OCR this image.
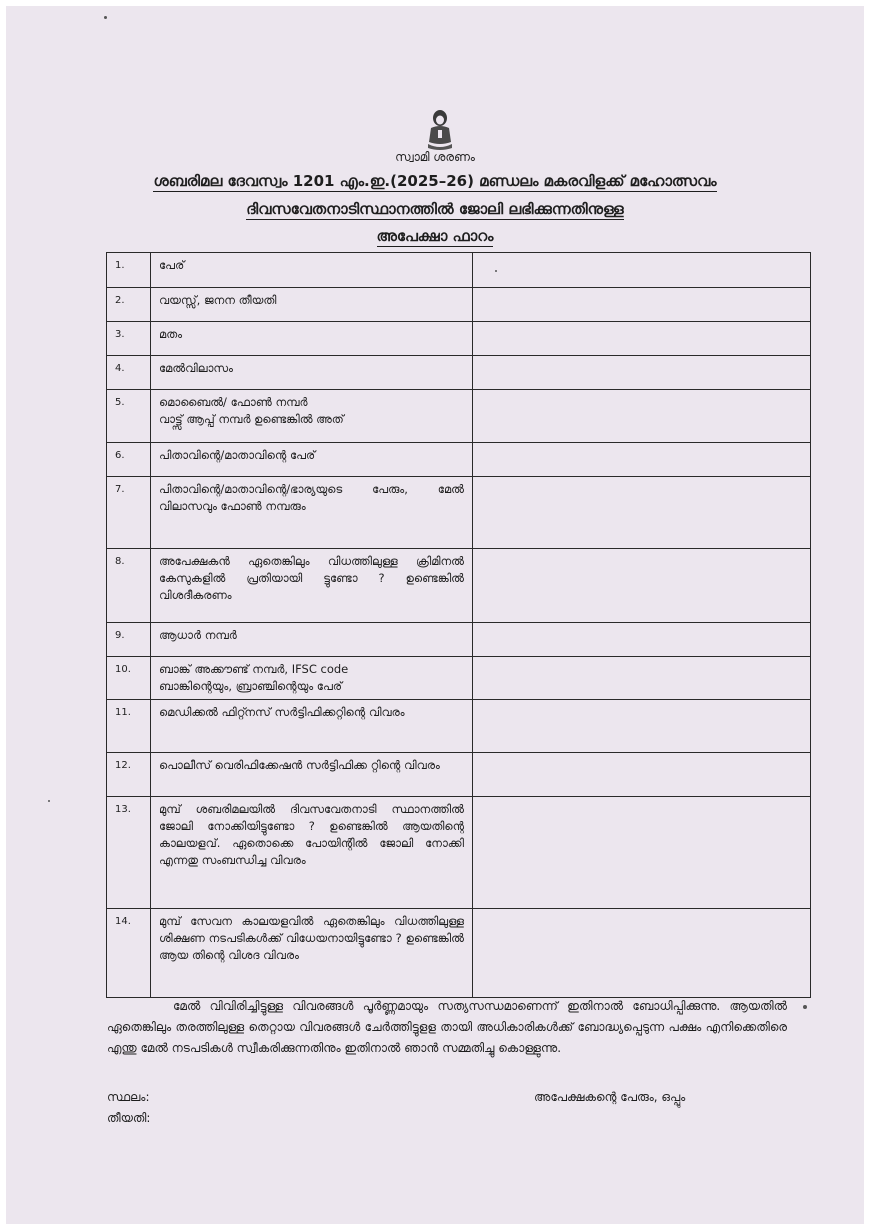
സ്വാമി ശരണം
ശബരിമല ദേവസ്വം 1201 എം.ഇ.(2025–26) മണ്ഡലം മകരവിളക്ക് മഹോത്സവം
ദിവസവേതനാടിസ്ഥാനത്തിൽ ജോലി ലഭിക്കുന്നതിനുള്ള
അപേക്ഷാ ഫാറം
1.	പേര്	
2.	വയസ്സ്, ജനന തീയതി	
3.	മതം	
4.	മേൽവിലാസം	
5.	മൊബൈൽ/ ഫോൺ നമ്പർ
വാട്ട്സ് ആപ്പ് നമ്പർ ഉണ്ടെങ്കിൽ അത്	
6.	പിതാവിന്റെ/മാതാവിന്റെ പേര്	
7.	പിതാവിന്റെ/മാതാവിന്റെ/ഭാര്യയുടെ പേരും, മേൽ വിലാസവും ഫോൺ നമ്പരും	
8.	അപേക്ഷകൻ ഏതെങ്കിലും വിധത്തിലുള്ള ക്രിമിനൽ കേസുകളിൽ പ്രതിയായി ട്ടുണ്ടോ ? ഉണ്ടെങ്കിൽ വിശദീകരണം	
9.	ആധാർ നമ്പർ	
10.	ബാങ്ക് അക്കൗണ്ട് നമ്പർ, IFSC code
ബാങ്കിന്റെയും, ബ്രാഞ്ചിന്റെയും പേര്	
11.	മെഡിക്കൽ ഫിറ്റ്നസ് സർട്ടിഫിക്കറ്റിന്റെ വിവരം	
12.	പൊലീസ് വെരിഫിക്കേഷൻ സർട്ടിഫിക്ക റ്റിന്റെ വിവരം	
13.	മുമ്പ് ശബരിമലയിൽ ദിവസവേതനാടി സ്ഥാനത്തിൽ ജോലി നോക്കിയിട്ടുണ്ടോ ? ഉണ്ടെങ്കിൽ ആയതിന്റെ കാലയളവ്. ഏതൊക്കെ പോയിന്റിൽ ജോലി നോക്കി എന്നതു സംബന്ധിച്ച വിവരം	
14.	മുമ്പ് സേവന കാലയളവിൽ ഏതെങ്കിലും വിധത്തിലുള്ള ശിക്ഷണ നടപടികൾക്ക് വിധേയനായിട്ടുണ്ടോ ? ഉണ്ടെങ്കിൽ ആയ തിന്റെ വിശദ വിവരം	
മേൽ വിവിരിച്ചിട്ടുള്ള വിവരങ്ങൾ പൂർണ്ണമായും സത്യസന്ധമാണെന്ന് ഇതിനാൽ ബോധിപ്പിക്കുന്നു. ആയതിൽ ഏതെങ്കിലും തരത്തിലുള്ള തെറ്റായ വിവരങ്ങൾ ചേർത്തിട്ടുളള തായി അധികാരികൾക്ക് ബോദ്ധ്യപ്പെടുന്ന പക്ഷം എനിക്കെതിരെ എന്തു മേൽ നടപടികൾ സ്വീകരിക്കുന്നതിനും ഇതിനാൽ ഞാൻ സമ്മതിച്ചു കൊള്ളുന്നു.
സ്ഥലം:
തീയതി:
അപേക്ഷകന്റെ പേരും, ഒപ്പും
